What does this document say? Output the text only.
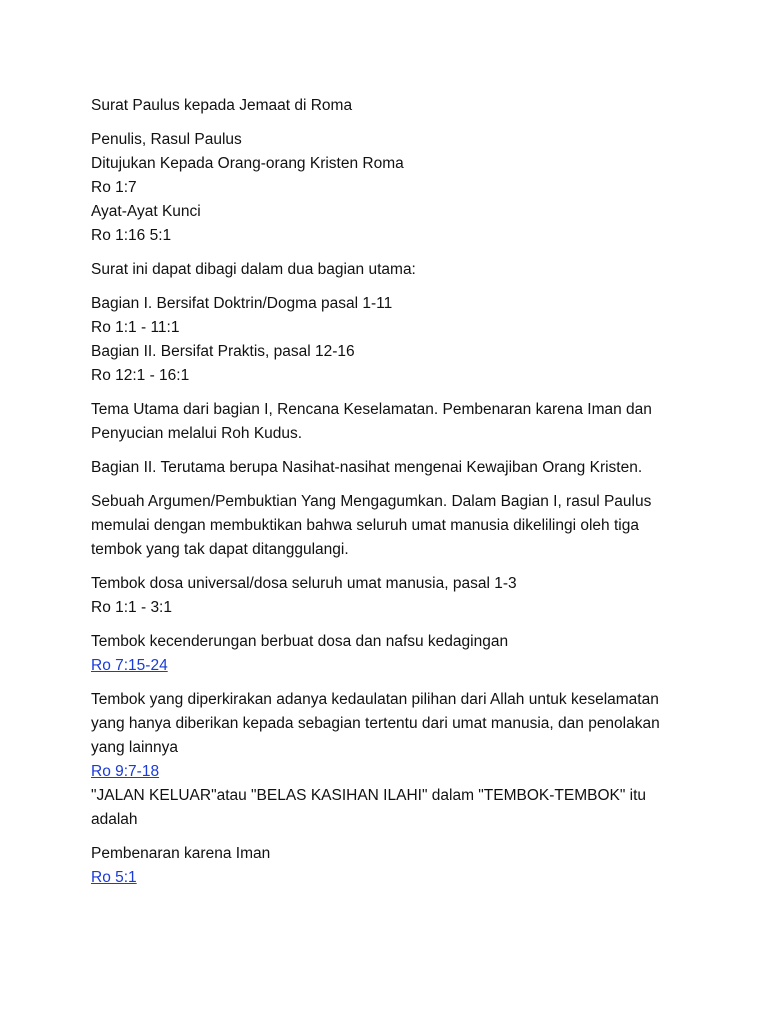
Surat Paulus kepada Jemaat di Roma

Penulis, Rasul Paulus
Ditujukan Kepada Orang-orang Kristen Roma
Ro 1:7
Ayat-Ayat Kunci
Ro 1:16 5:1

Surat ini dapat dibagi dalam dua bagian utama:

Bagian I. Bersifat Doktrin/Dogma pasal 1-11
Ro 1:1 - 11:1
Bagian II. Bersifat Praktis, pasal 12-16
Ro 12:1 - 16:1

Tema Utama dari bagian I, Rencana Keselamatan. Pembenaran karena Iman dan Penyucian melalui Roh Kudus.

Bagian II. Terutama berupa Nasihat-nasihat mengenai Kewajiban Orang Kristen.

Sebuah Argumen/Pembuktian Yang Mengagumkan. Dalam Bagian I, rasul Paulus memulai dengan membuktikan bahwa seluruh umat manusia dikelilingi oleh tiga tembok yang tak dapat ditanggulangi.

Tembok dosa universal/dosa seluruh umat manusia, pasal 1-3
Ro 1:1 - 3:1

Tembok kecenderungan berbuat dosa dan nafsu kedagingan
Ro 7:15-24

Tembok yang diperkirakan adanya kedaulatan pilihan dari Allah untuk keselamatan yang hanya diberikan kepada sebagian tertentu dari umat manusia, dan penolakan yang lainnya
Ro 9:7-18
"JALAN KELUAR"atau "BELAS KASIHAN ILAHI" dalam "TEMBOK-TEMBOK" itu adalah

Pembenaran karena Iman
Ro 5:1
